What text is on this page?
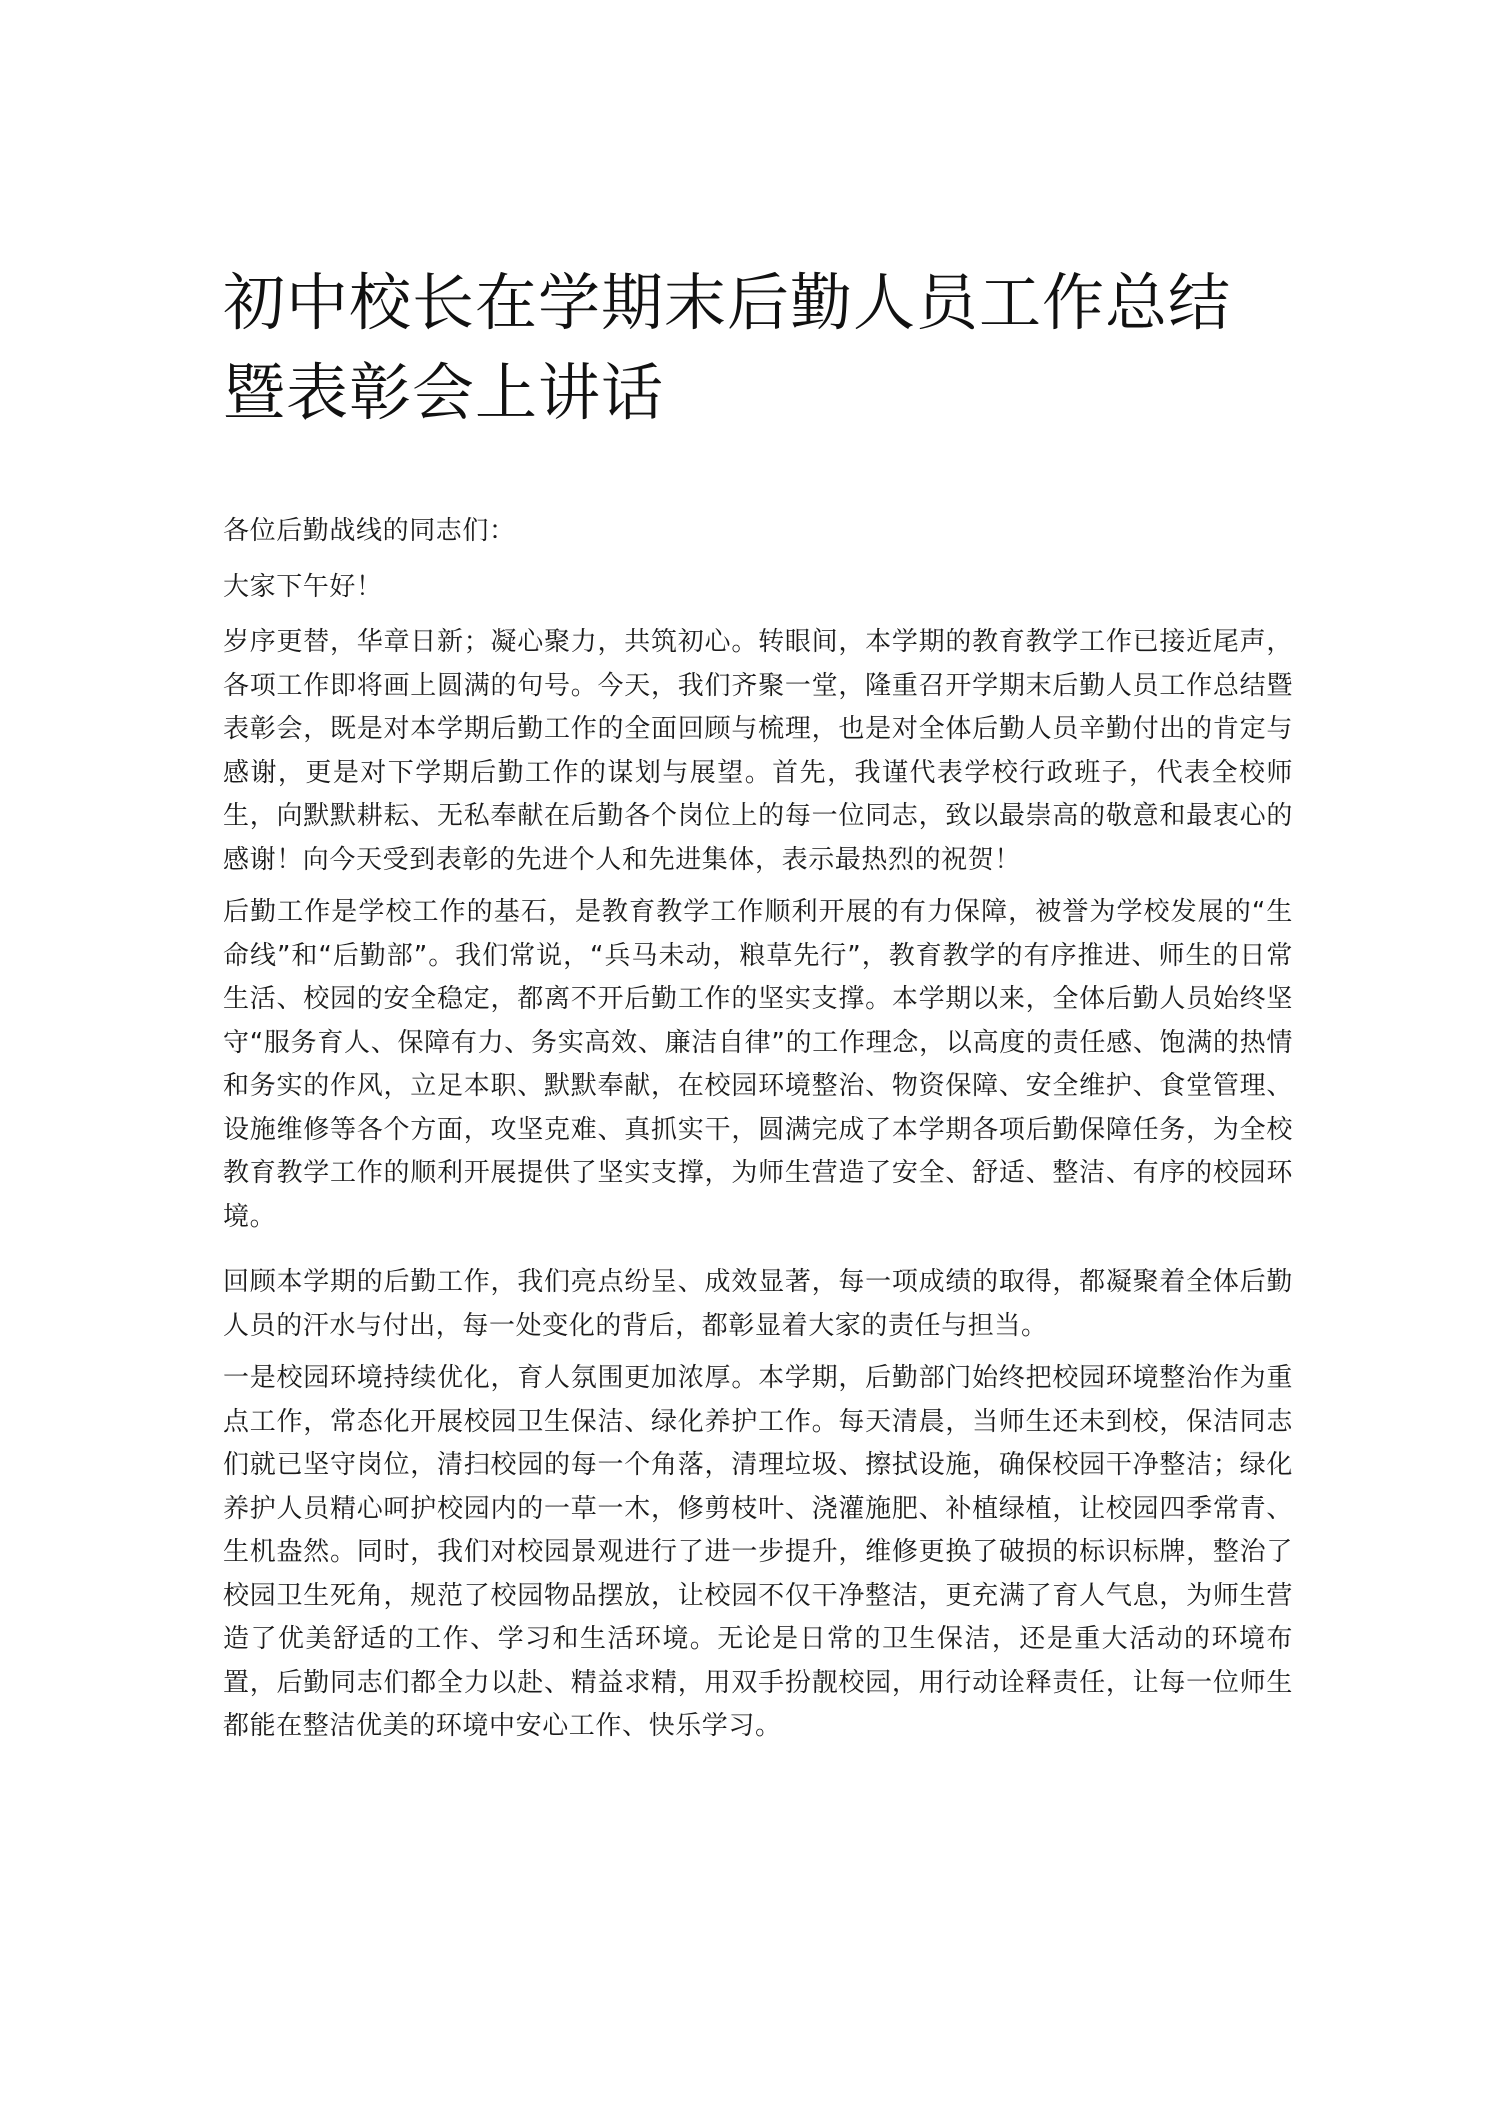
初中校长在学期末后勤人员工作总结暨表彰会上讲话

各位后勤战线的同志们：

大家下午好！

岁序更替，华章日新；凝心聚力，共筑初心。转眼间，本学期的教育教学工作已接近尾声，各项工作即将画上圆满的句号。今天，我们齐聚一堂，隆重召开学期末后勤人员工作总结暨表彰会，既是对本学期后勤工作的全面回顾与梳理，也是对全体后勤人员辛勤付出的肯定与感谢，更是对下学期后勤工作的谋划与展望。首先，我谨代表学校行政班子，代表全校师生，向默默耕耘、无私奉献在后勤各个岗位上的每一位同志，致以最崇高的敬意和最衷心的感谢！向今天受到表彰的先进个人和先进集体，表示最热烈的祝贺！

后勤工作是学校工作的基石，是教育教学工作顺利开展的有力保障，被誉为学校发展的“生命线”和“后勤部”。我们常说，“兵马未动，粮草先行”，教育教学的有序推进、师生的日常生活、校园的安全稳定，都离不开后勤工作的坚实支撑。本学期以来，全体后勤人员始终坚守“服务育人、保障有力、务实高效、廉洁自律”的工作理念，以高度的责任感、饱满的热情和务实的作风，立足本职、默默奉献，在校园环境整治、物资保障、安全维护、食堂管理、设施维修等各个方面，攻坚克难、真抓实干，圆满完成了本学期各项后勤保障任务，为全校教育教学工作的顺利开展提供了坚实支撑，为师生营造了安全、舒适、整洁、有序的校园环境。

回顾本学期的后勤工作，我们亮点纷呈、成效显著，每一项成绩的取得，都凝聚着全体后勤人员的汗水与付出，每一处变化的背后，都彰显着大家的责任与担当。

一是校园环境持续优化，育人氛围更加浓厚。本学期，后勤部门始终把校园环境整治作为重点工作，常态化开展校园卫生保洁、绿化养护工作。每天清晨，当师生还未到校，保洁同志们就已坚守岗位，清扫校园的每一个角落，清理垃圾、擦拭设施，确保校园干净整洁；绿化养护人员精心呵护校园内的一草一木，修剪枝叶、浇灌施肥、补植绿植，让校园四季常青、生机盎然。同时，我们对校园景观进行了进一步提升，维修更换了破损的标识标牌，整治了校园卫生死角，规范了校园物品摆放，让校园不仅干净整洁，更充满了育人气息，为师生营造了优美舒适的工作、学习和生活环境。无论是日常的卫生保洁，还是重大活动的环境布置，后勤同志们都全力以赴、精益求精，用双手扮靓校园，用行动诠释责任，让每一位师生都能在整洁优美的环境中安心工作、快乐学习。
